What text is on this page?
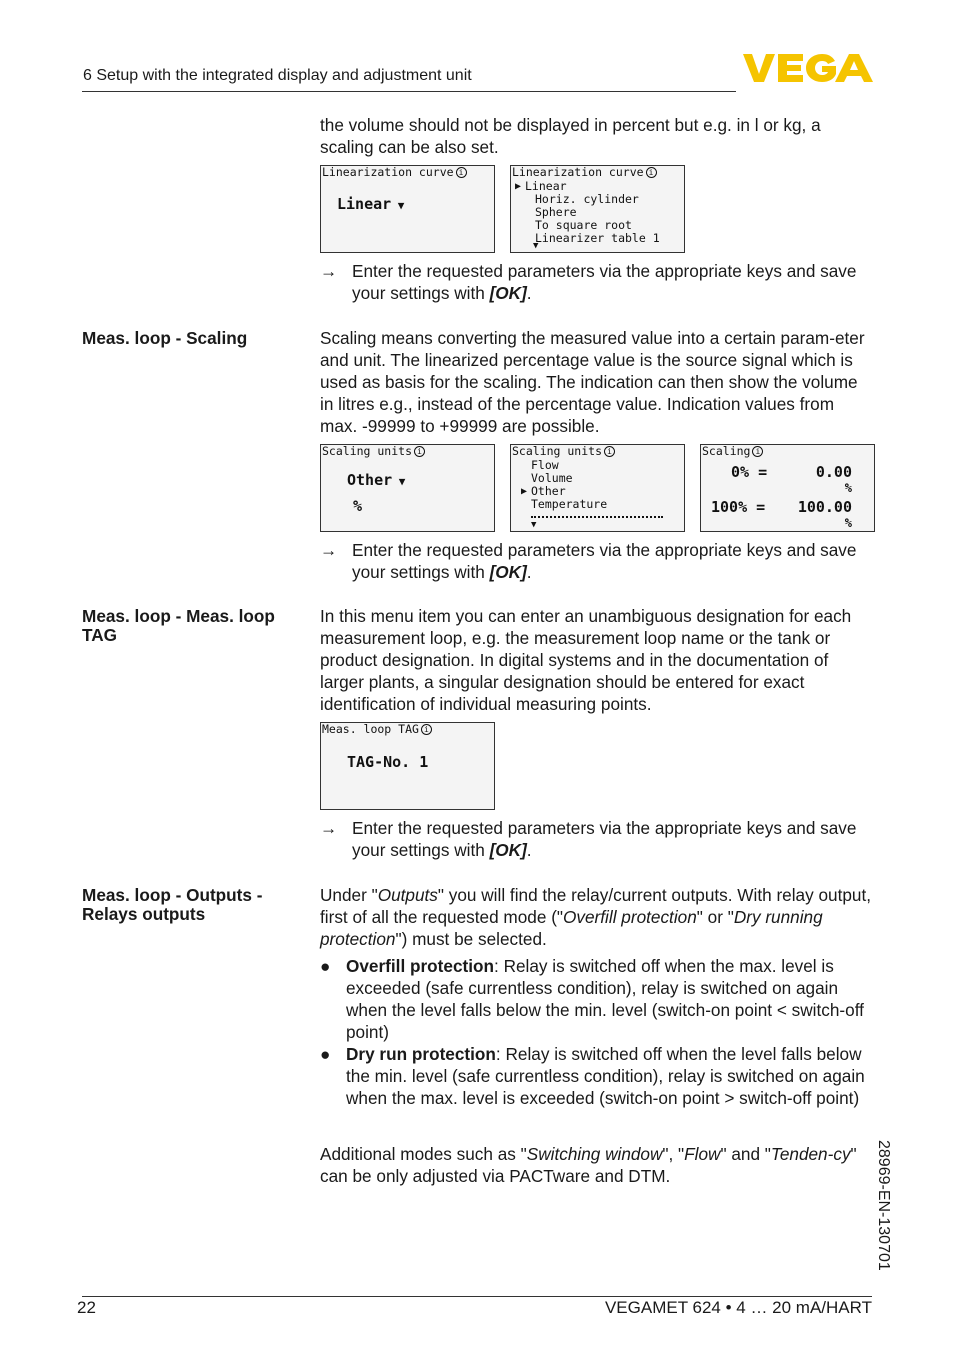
6 Setup with the integrated display and adjustment unit
the volume should not be displayed in percent but e.g. in l or kg, a scaling can be also set.
Linearization curve i
Linear ▼
Linearization curve i
▶ Linear
Horiz. cylinder
Sphere
To square root
Linearizer table 1
▼
→ Enter the requested parameters via the appropriate keys and save your settings with [OK].
Meas. loop - Scaling	Scaling means converting the measured value into a certain param-eter and unit. The linearized percentage value is the source signal which is used as basis for the scaling. The indication can then show the volume in litres e.g., instead of the percentage value. Indication values from max. -99999 to +99999 are possible.
Scaling units i
Other ▼
%
Scaling units i
Flow
Volume
▶ Other
Temperature
▼
Scaling i
0% =	0.00
%
100% = 100.00
%
→ Enter the requested parameters via the appropriate keys and save your settings with [OK].
Meas. loop - Meas. loop TAG
In this menu item you can enter an unambiguous designation for each measurement loop, e.g. the measurement loop name or the tank or product designation. In digital systems and in the documentation of larger plants, a singular designation should be entered for exact identification of individual measuring points.
Meas. loop TAG i
TAG-No. 1
→ Enter the requested parameters via the appropriate keys and save your settings with [OK].
Meas. loop - Outputs - Relays outputs
Under "Outputs" you will find the relay/current outputs. With relay output, first of all the requested mode ("Overfill protection" or "Dry running protection") must be selected.
● Overfill protection: Relay is switched off when the max. level is exceeded (safe currentless condition), relay is switched on again when the level falls below the min. level (switch-on point < switch-off point)
● Dry run protection: Relay is switched off when the level falls below the min. level (safe currentless condition), relay is switched on again when the max. level is exceeded (switch-on point > switch-off point)
Additional modes such as "Switching window", "Flow" and "Tenden-cy" can be only adjusted via PACTware and DTM.	28969-EN-130701
22	VEGAMET 624 • 4 … 20 mA/HART
